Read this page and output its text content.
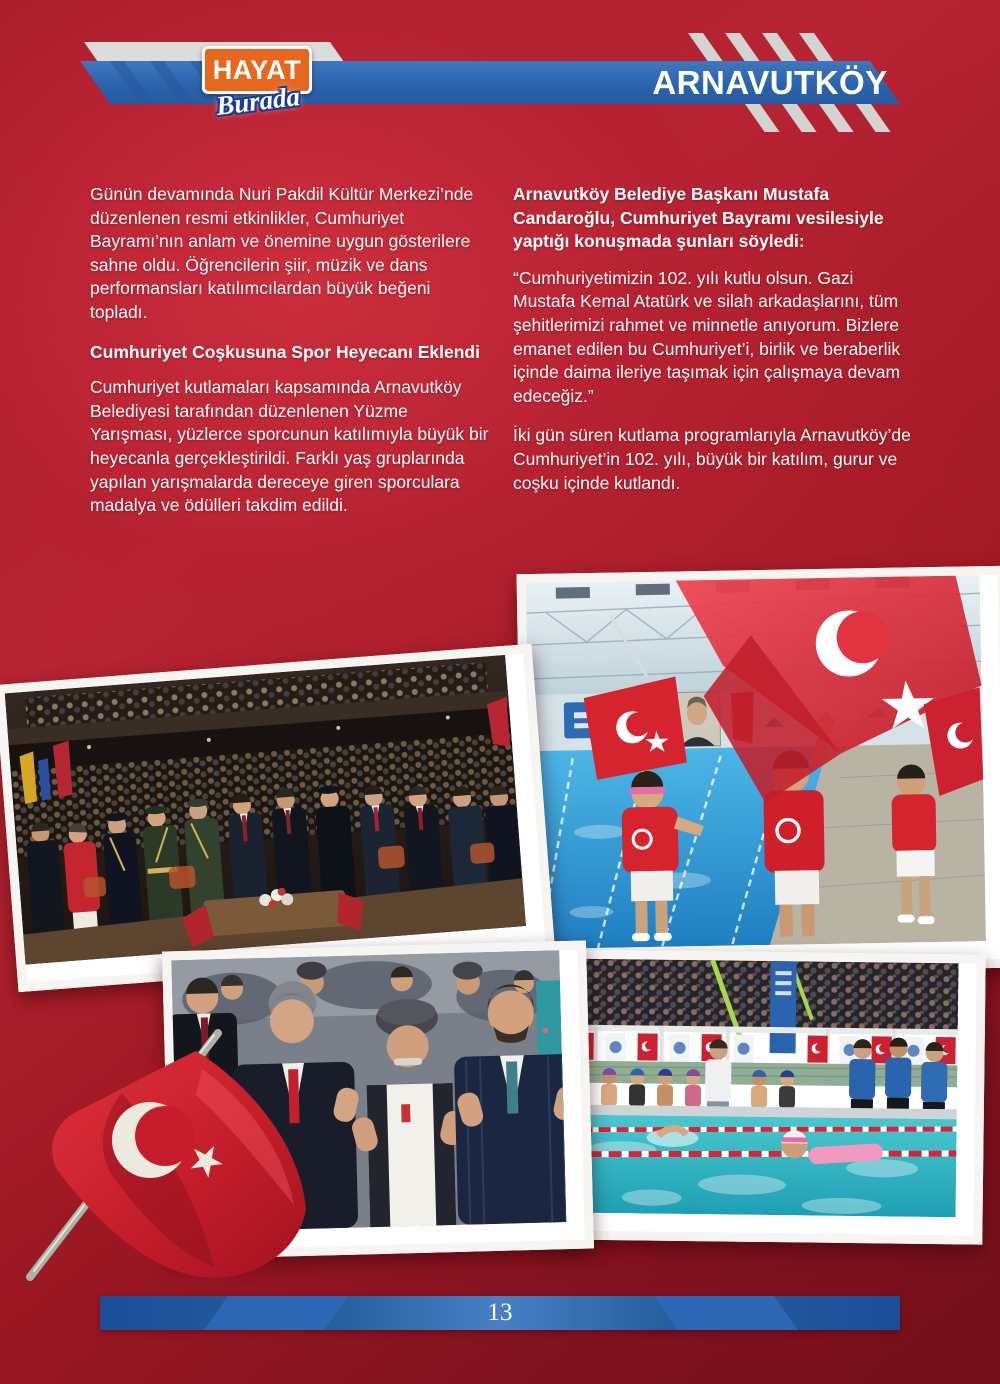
ARNAVUTKÖY
HAYAT
Burada

Günün devamında Nuri Pakdil Kültür Merkezi’nde düzenlenen resmi etkinlikler, Cumhuriyet Bayramı’nın anlam ve önemine uygun gösterilere sahne oldu. Öğrencilerin şiir, müzik ve dans performansları katılımcılardan büyük beğeni topladı.

Cumhuriyet Coşkusuna Spor Heyecanı Eklendi

Cumhuriyet kutlamaları kapsamında Arnavutköy Belediyesi tarafından düzenlenen Yüzme Yarışması, yüzlerce sporcunun katılımıyla büyük bir heyecanla gerçekleştirildi. Farklı yaş gruplarında yapılan yarışmalarda dereceye giren sporculara madalya ve ödülleri takdim edildi.

Arnavutköy Belediye Başkanı Mustafa Candaroğlu, Cumhuriyet Bayramı vesilesiyle yaptığı konuşmada şunları söyledi:

“Cumhuriyetimizin 102. yılı kutlu olsun. Gazi Mustafa Kemal Atatürk ve silah arkadaşlarını, tüm şehitlerimizi rahmet ve minnetle anıyorum. Bizlere emanet edilen bu Cumhuriyet’i, birlik ve beraberlik içinde daima ileriye taşımak için çalışmaya devam edeceğiz.”

İki gün süren kutlama programlarıyla Arnavutköy’de Cumhuriyet’in 102. yılı, büyük bir katılım, gurur ve coşku içinde kutlandı.

13
